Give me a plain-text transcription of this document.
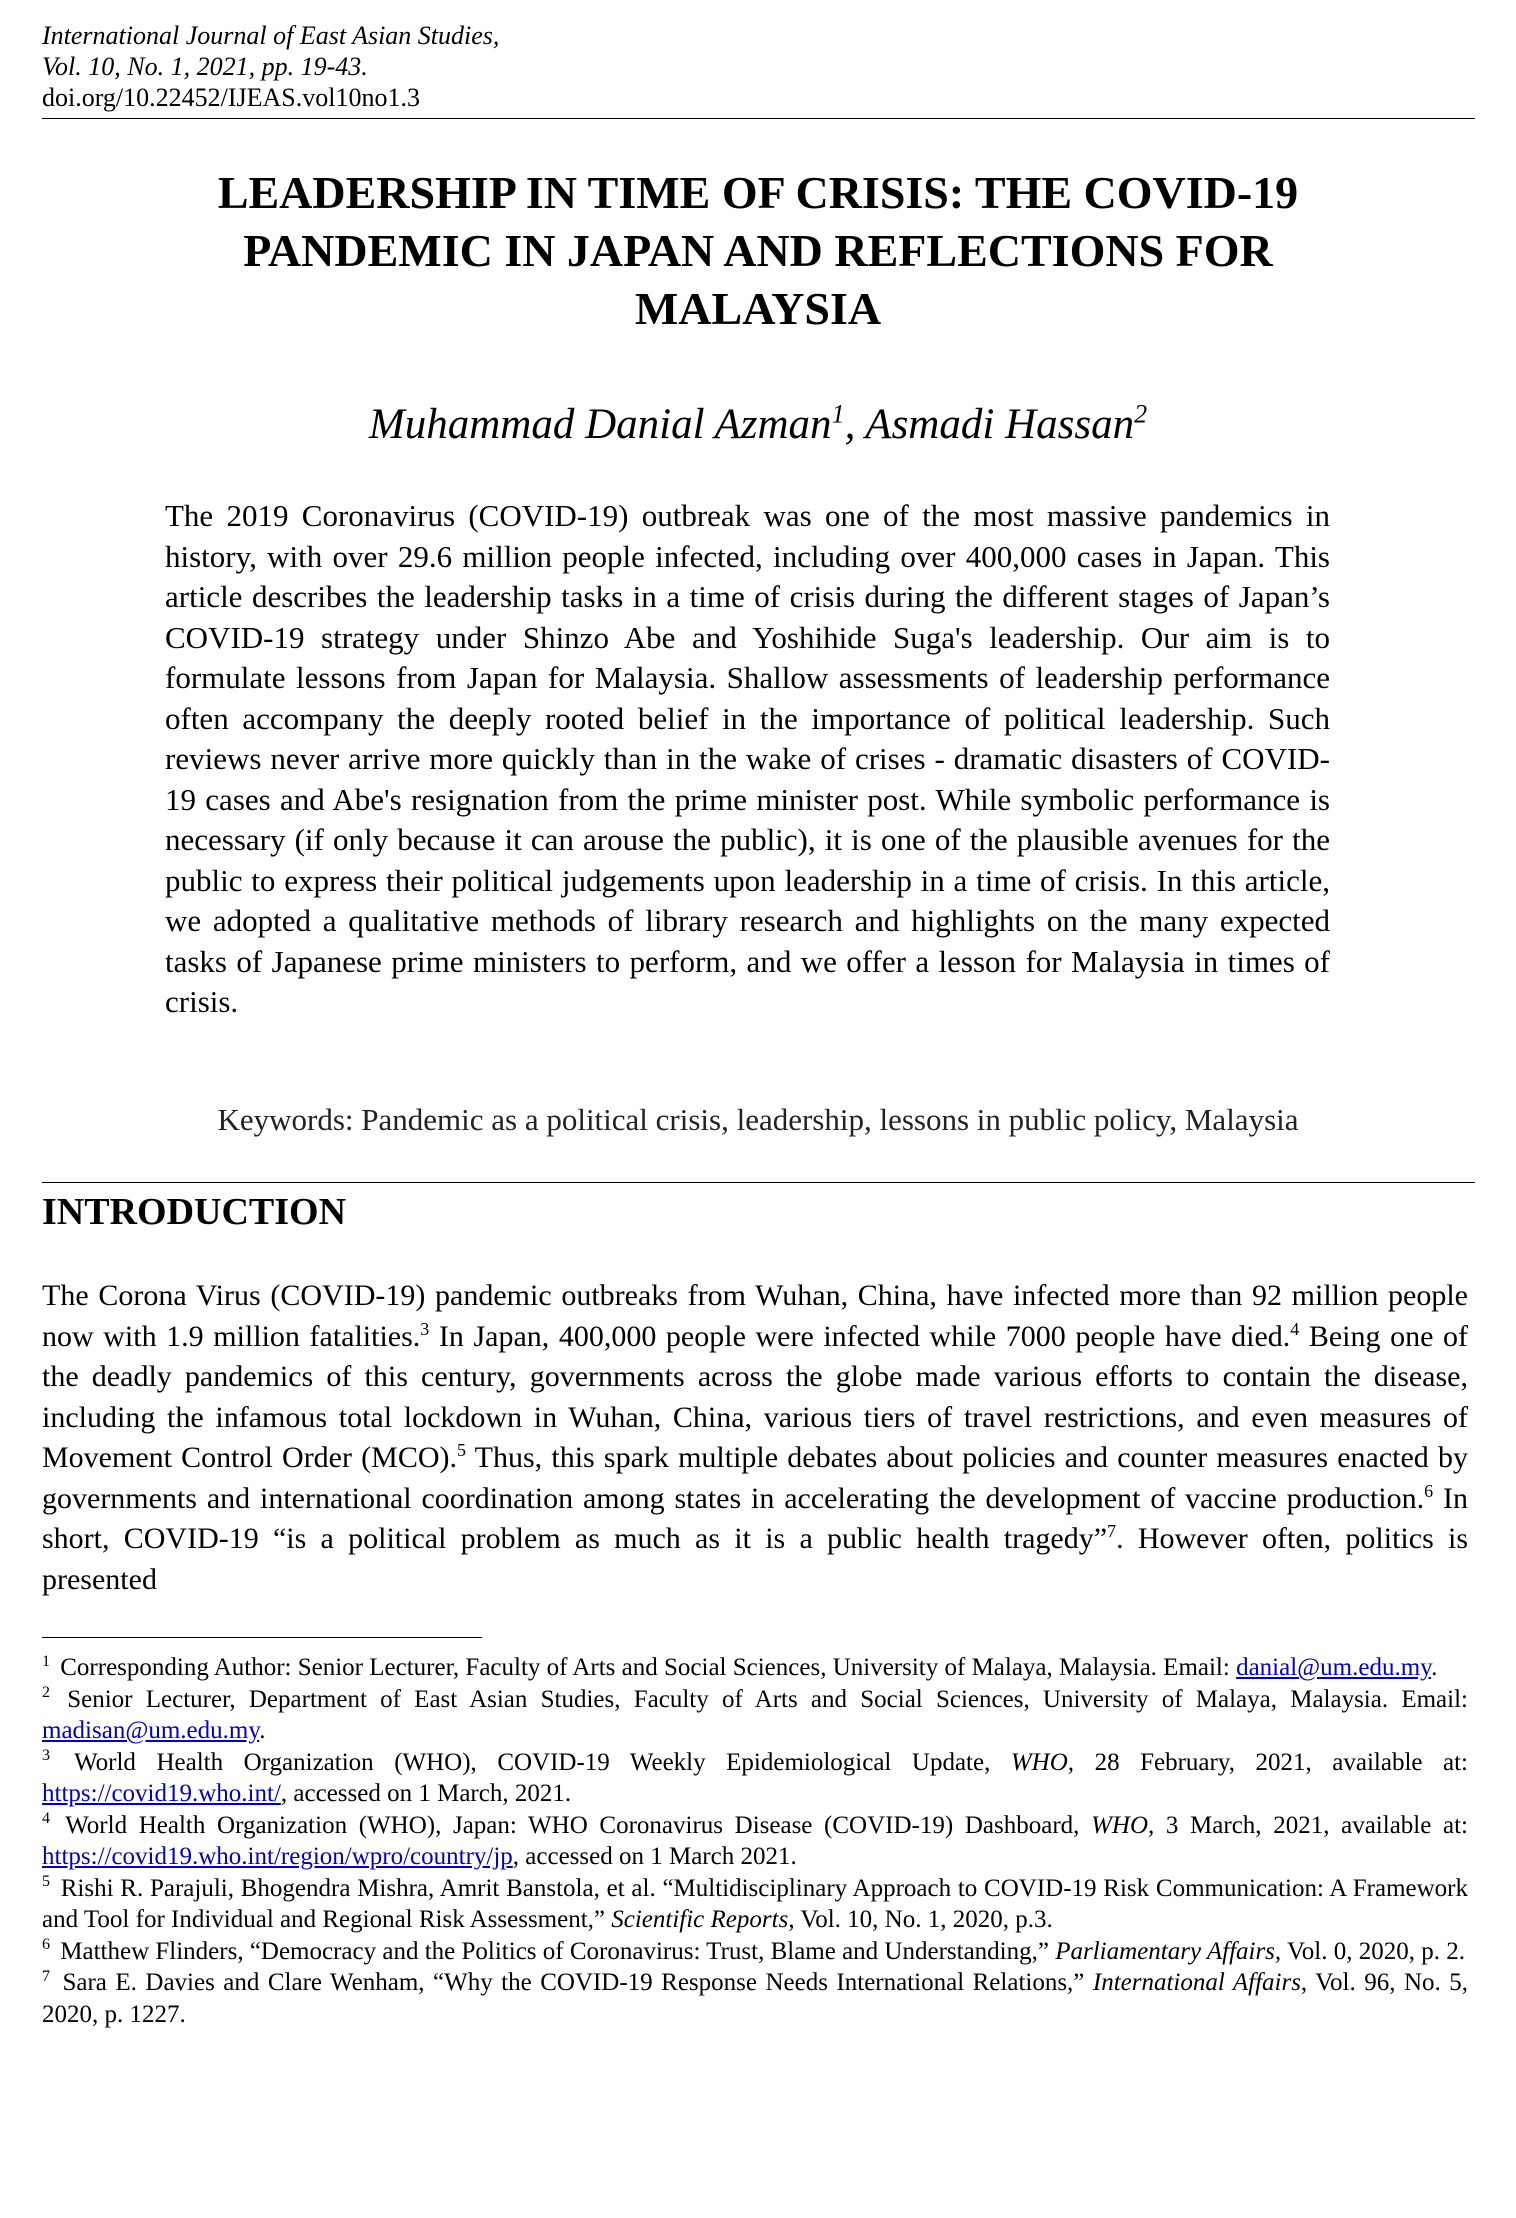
International Journal of East Asian Studies,
Vol. 10, No. 1, 2021, pp. 19-43.
doi.org/10.22452/IJEAS.vol10no1.3
LEADERSHIP IN TIME OF CRISIS: THE COVID-19
PANDEMIC IN JAPAN AND REFLECTIONS FOR
MALAYSIA
Muhammad Danial Azman$^1$, Asmadi Hassan$^2$
The 2019 Coronavirus (COVID-19) outbreak was one of the most massive pandemics in history, with over 29.6 million people infected, including over 400,000 cases in Japan. This article describes the leadership tasks in a time of crisis during the different stages of Japan’s COVID-19 strategy under Shinzo Abe and Yoshihide Suga's leadership. Our aim is to formulate lessons from Japan for Malaysia. Shallow assessments of leadership performance often accompany the deeply rooted belief in the importance of political leadership. Such reviews never arrive more quickly than in the wake of crises - dramatic disasters of COVID-19 cases and Abe's resignation from the prime minister post. While symbolic performance is necessary (if only because it can arouse the public), it is one of the plausible avenues for the public to express their political judgements upon leadership in a time of crisis. In this article, we adopted a qualitative methods of library research and highlights on the many expected tasks of Japanese prime ministers to perform, and we offer a lesson for Malaysia in times of crisis.
Keywords: Pandemic as a political crisis, leadership, lessons in public policy, Malaysia
INTRODUCTION
The Corona Virus (COVID-19) pandemic outbreaks from Wuhan, China, have infected more than 92 million people now with 1.9 million fatalities.$^3$ In Japan, 400,000 people were infected while 7000 people have died.$^4$ Being one of the deadly pandemics of this century, governments across the globe made various efforts to contain the disease, including the infamous total lockdown in Wuhan, China, various tiers of travel restrictions, and even measures of Movement Control Order (MCO).$^5$ Thus, this spark multiple debates about policies and counter measures enacted by governments and international coordination among states in accelerating the development of vaccine production.$^6$ In short, COVID-19 “is a political problem as much as it is a public health tragedy”$^7$. However often, politics is presented

$^1$ Corresponding Author: Senior Lecturer, Faculty of Arts and Social Sciences, University of Malaya, Malaysia. Email: danial@um.edu.my.

$^2$ Senior Lecturer, Department of East Asian Studies, Faculty of Arts and Social Sciences, University of Malaya, Malaysia. Email: madisan@um.edu.my.

$^3$ World Health Organization (WHO), COVID-19 Weekly Epidemiological Update, WHO, 28 February, 2021, available at: https://covid19.who.int/, accessed on 1 March, 2021.

$^4$ World Health Organization (WHO), Japan: WHO Coronavirus Disease (COVID-19) Dashboard, WHO, 3 March, 2021, available at: https://covid19.who.int/region/wpro/country/jp, accessed on 1 March 2021.

$^5$ Rishi R. Parajuli, Bhogendra Mishra, Amrit Banstola, et al. “Multidisciplinary Approach to COVID-19 Risk Communication: A Framework and Tool for Individual and Regional Risk Assessment,” Scientific Reports, Vol. 10, No. 1, 2020, p.3.

$^6$ Matthew Flinders, “Democracy and the Politics of Coronavirus: Trust, Blame and Understanding,” Parliamentary Affairs, Vol. 0, 2020, p. 2.

$^7$ Sara E. Davies and Clare Wenham, “Why the COVID-19 Response Needs International Relations,” International Affairs, Vol. 96, No. 5, 2020, p. 1227.
